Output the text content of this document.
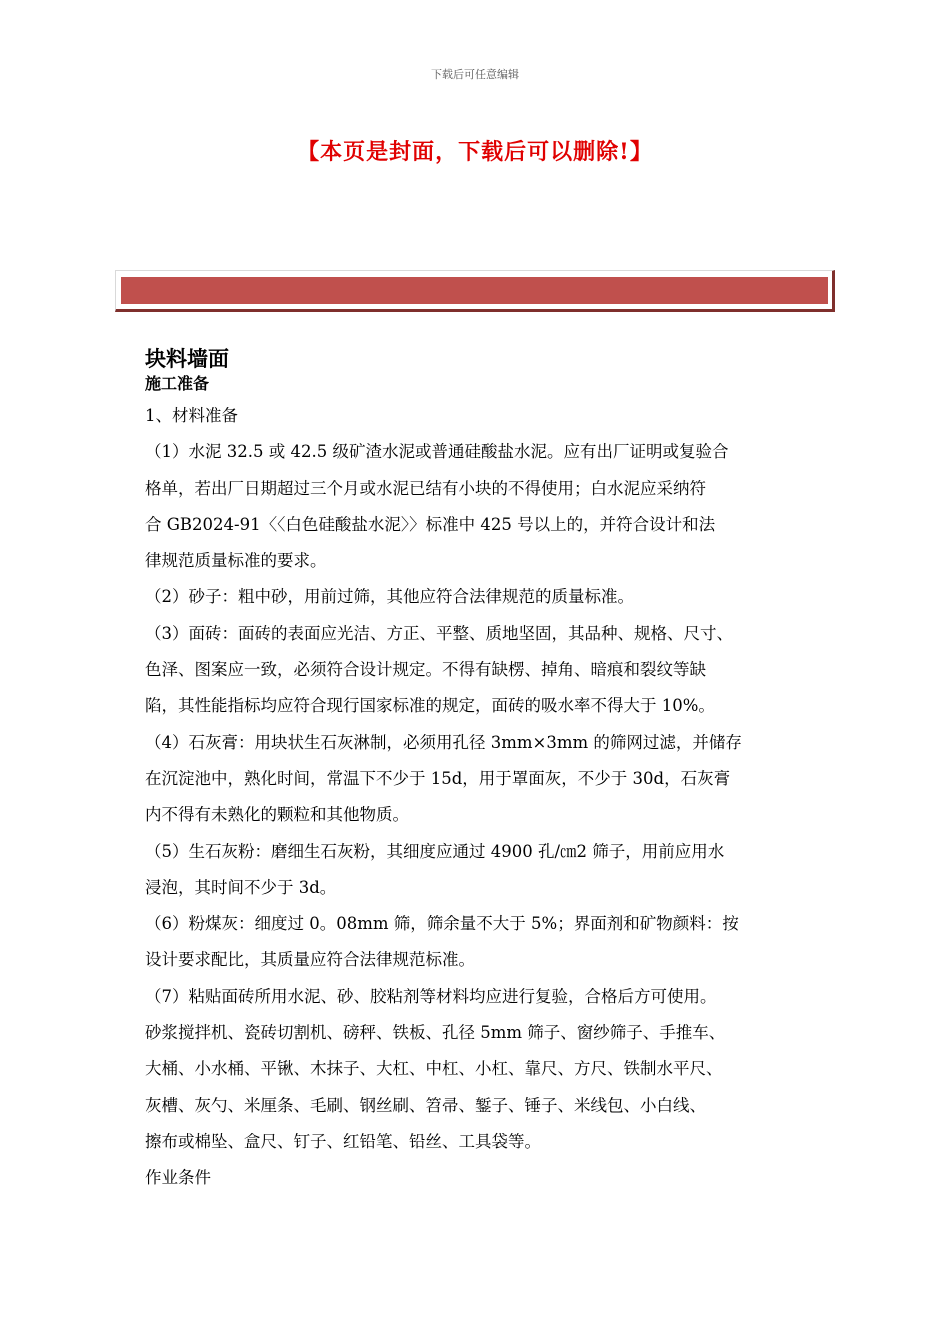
下载后可任意编辑
【本页是封面，下载后可以删除!】
块料墙面
施工准备

1、材料准备

（1）水泥 32.5 或 42.5 级矿渣水泥或普通硅酸盐水泥。应有出厂证明或复验合

格单，若出厂日期超过三个月或水泥已结有小块的不得使用；白水泥应采纳符

合 GB2024-91〈〈白色硅酸盐水泥〉〉标准中 425 号以上的，并符合设计和法

律规范质量标准的要求。

（2）砂子：粗中砂，用前过筛，其他应符合法律规范的质量标准。

（3）面砖：面砖的表面应光洁、方正、平整、质地坚固，其品种、规格、尺寸、

色泽、图案应一致，必须符合设计规定。不得有缺楞、掉角、暗痕和裂纹等缺

陷，其性能指标均应符合现行国家标准的规定，面砖的吸水率不得大于 10%。

（4）石灰膏：用块状生石灰淋制，必须用孔径 3mm×3mm 的筛网过滤，并储存

在沉淀池中，熟化时间，常温下不少于 15d，用于罩面灰，不少于 30d，石灰膏

内不得有未熟化的颗粒和其他物质。

（5）生石灰粉：磨细生石灰粉，其细度应通过 4900 孔/㎝2 筛子，用前应用水

浸泡，其时间不少于 3d。

（6）粉煤灰：细度过 0。08mm 筛，筛余量不大于 5%；界面剂和矿物颜料：按

设计要求配比，其质量应符合法律规范标准。

（7）粘贴面砖所用水泥、砂、胶粘剂等材料均应进行复验，合格后方可使用。

砂浆搅拌机、瓷砖切割机、磅秤、铁板、孔径 5mm 筛子、窗纱筛子、手推车、

大桶、小水桶、平锹、木抹子、大杠、中杠、小杠、靠尺、方尺、铁制水平尺、

灰槽、灰勺、米厘条、毛刷、钢丝刷、笤帚、錾子、锤子、米线包、小白线、

擦布或棉坠、盒尺、钉子、红铅笔、铅丝、工具袋等。

作业条件
